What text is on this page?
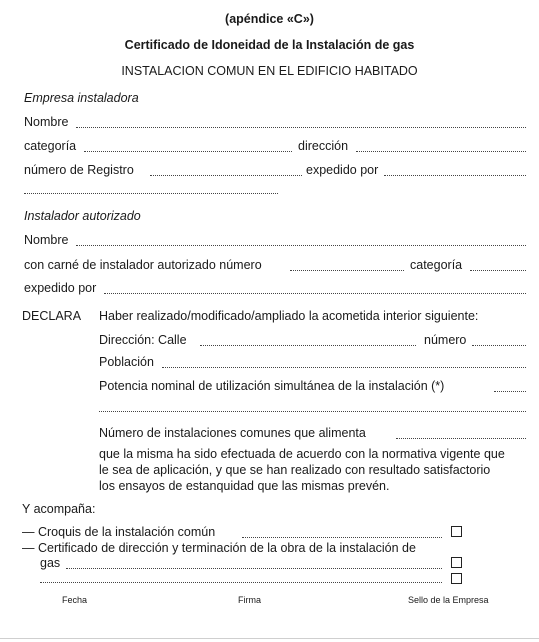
(apéndice «C»)
Certificado de Idoneidad de la Instalación de gas
INSTALACION COMUN EN EL EDIFICIO HABITADO
Empresa instaladora
Nombre
categoría	dirección
número de Registro	expedido por
Instalador autorizado
Nombre
con carné de instalador autorizado número	categoría
expedido por
DECLARA Haber realizado/modificado/ampliado la acometida interior siguiente:
Dirección: Calle	número
Población
Potencia nominal de utilización simultánea de la instalación (*)
Número de instalaciones comunes que alimenta
que la misma ha sido efectuada de acuerdo con la normativa vigente que
le sea de aplicación, y que se han realizado con resultado satisfactorio
los ensayos de estanquidad que las mismas prevén.
Y acompaña:
— Croquis de la instalación común
— Certificado de dirección y terminación de la obra de la instalación de
gas
Fecha	Firma	Sello de la Empresa
